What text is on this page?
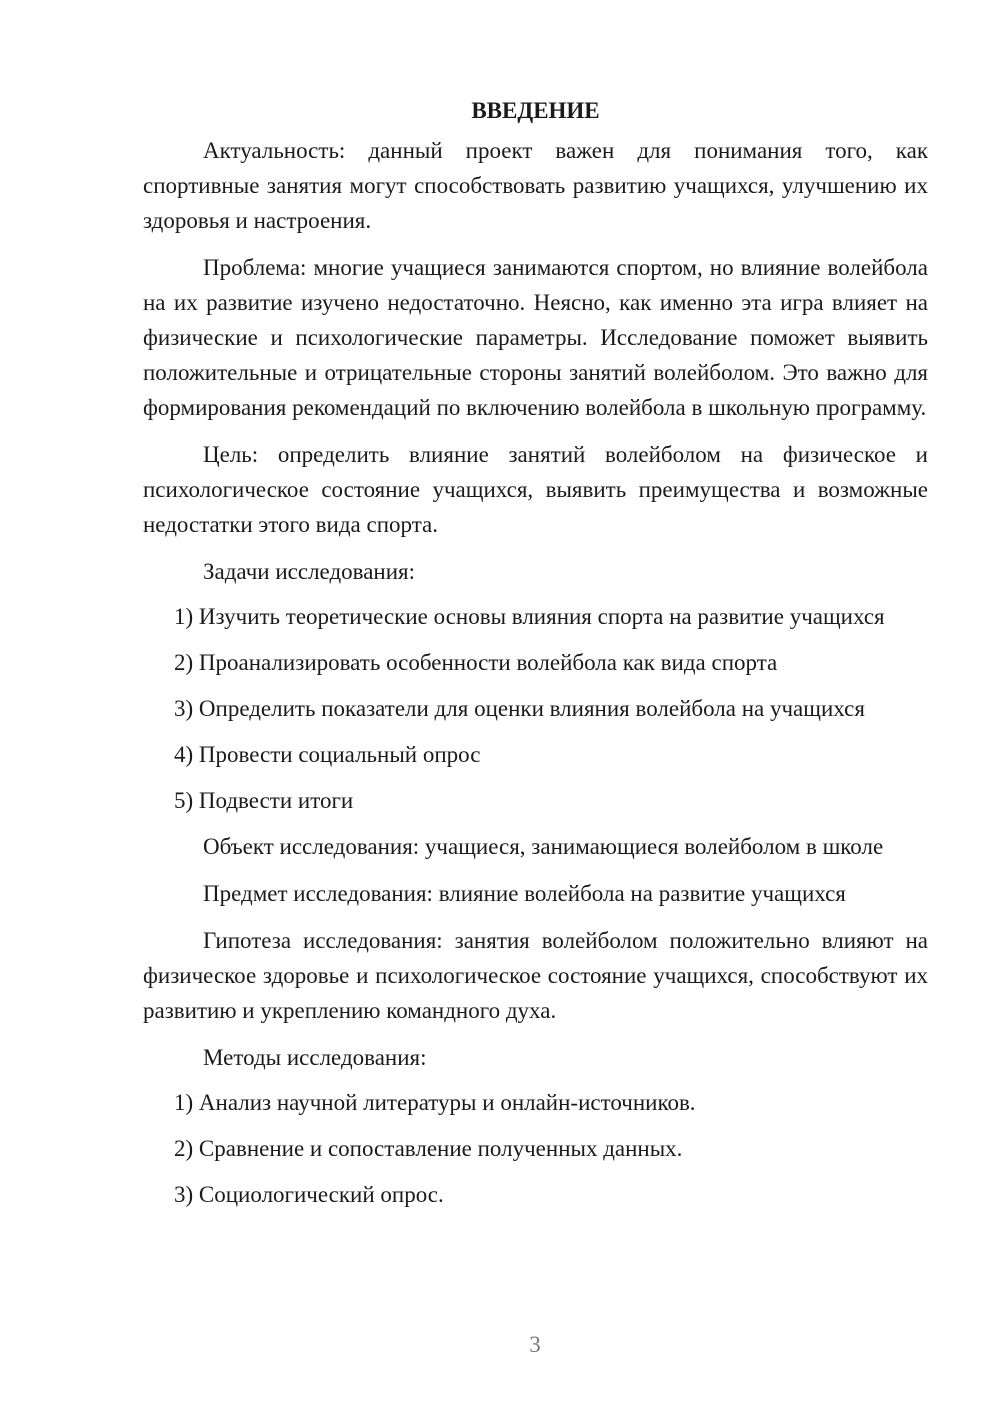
ВВЕДЕНИЕ

Актуальность: данный проект важен для понимания того, как спортивные занятия могут способствовать развитию учащихся, улучшению их здоровья и настроения.

Проблема: многие учащиеся занимаются спортом, но влияние волейбола на их развитие изучено недостаточно. Неясно, как именно эта игра влияет на физические и психологические параметры. Исследование поможет выявить положительные и отрицательные стороны занятий волейболом. Это важно для формирования рекомендаций по включению волейбола в школьную программу.

Цель: определить влияние занятий волейболом на физическое и психологическое состояние учащихся, выявить преимущества и возможные недостатки этого вида спорта.

Задачи исследования:

1) Изучить теоретические основы влияния спорта на развитие учащихся

2) Проанализировать особенности волейбола как вида спорта

3) Определить показатели для оценки влияния волейбола на учащихся

4) Провести социальный опрос

5) Подвести итоги

Объект исследования: учащиеся, занимающиеся волейболом в школе

Предмет исследования: влияние волейбола на развитие учащихся

Гипотеза исследования: занятия волейболом положительно влияют на физическое здоровье и психологическое состояние учащихся, способствуют их развитию и укреплению командного духа.

Методы исследования:

1) Анализ научной литературы и онлайн-источников.

2) Сравнение и сопоставление полученных данных.

3) Социологический опрос.

3
